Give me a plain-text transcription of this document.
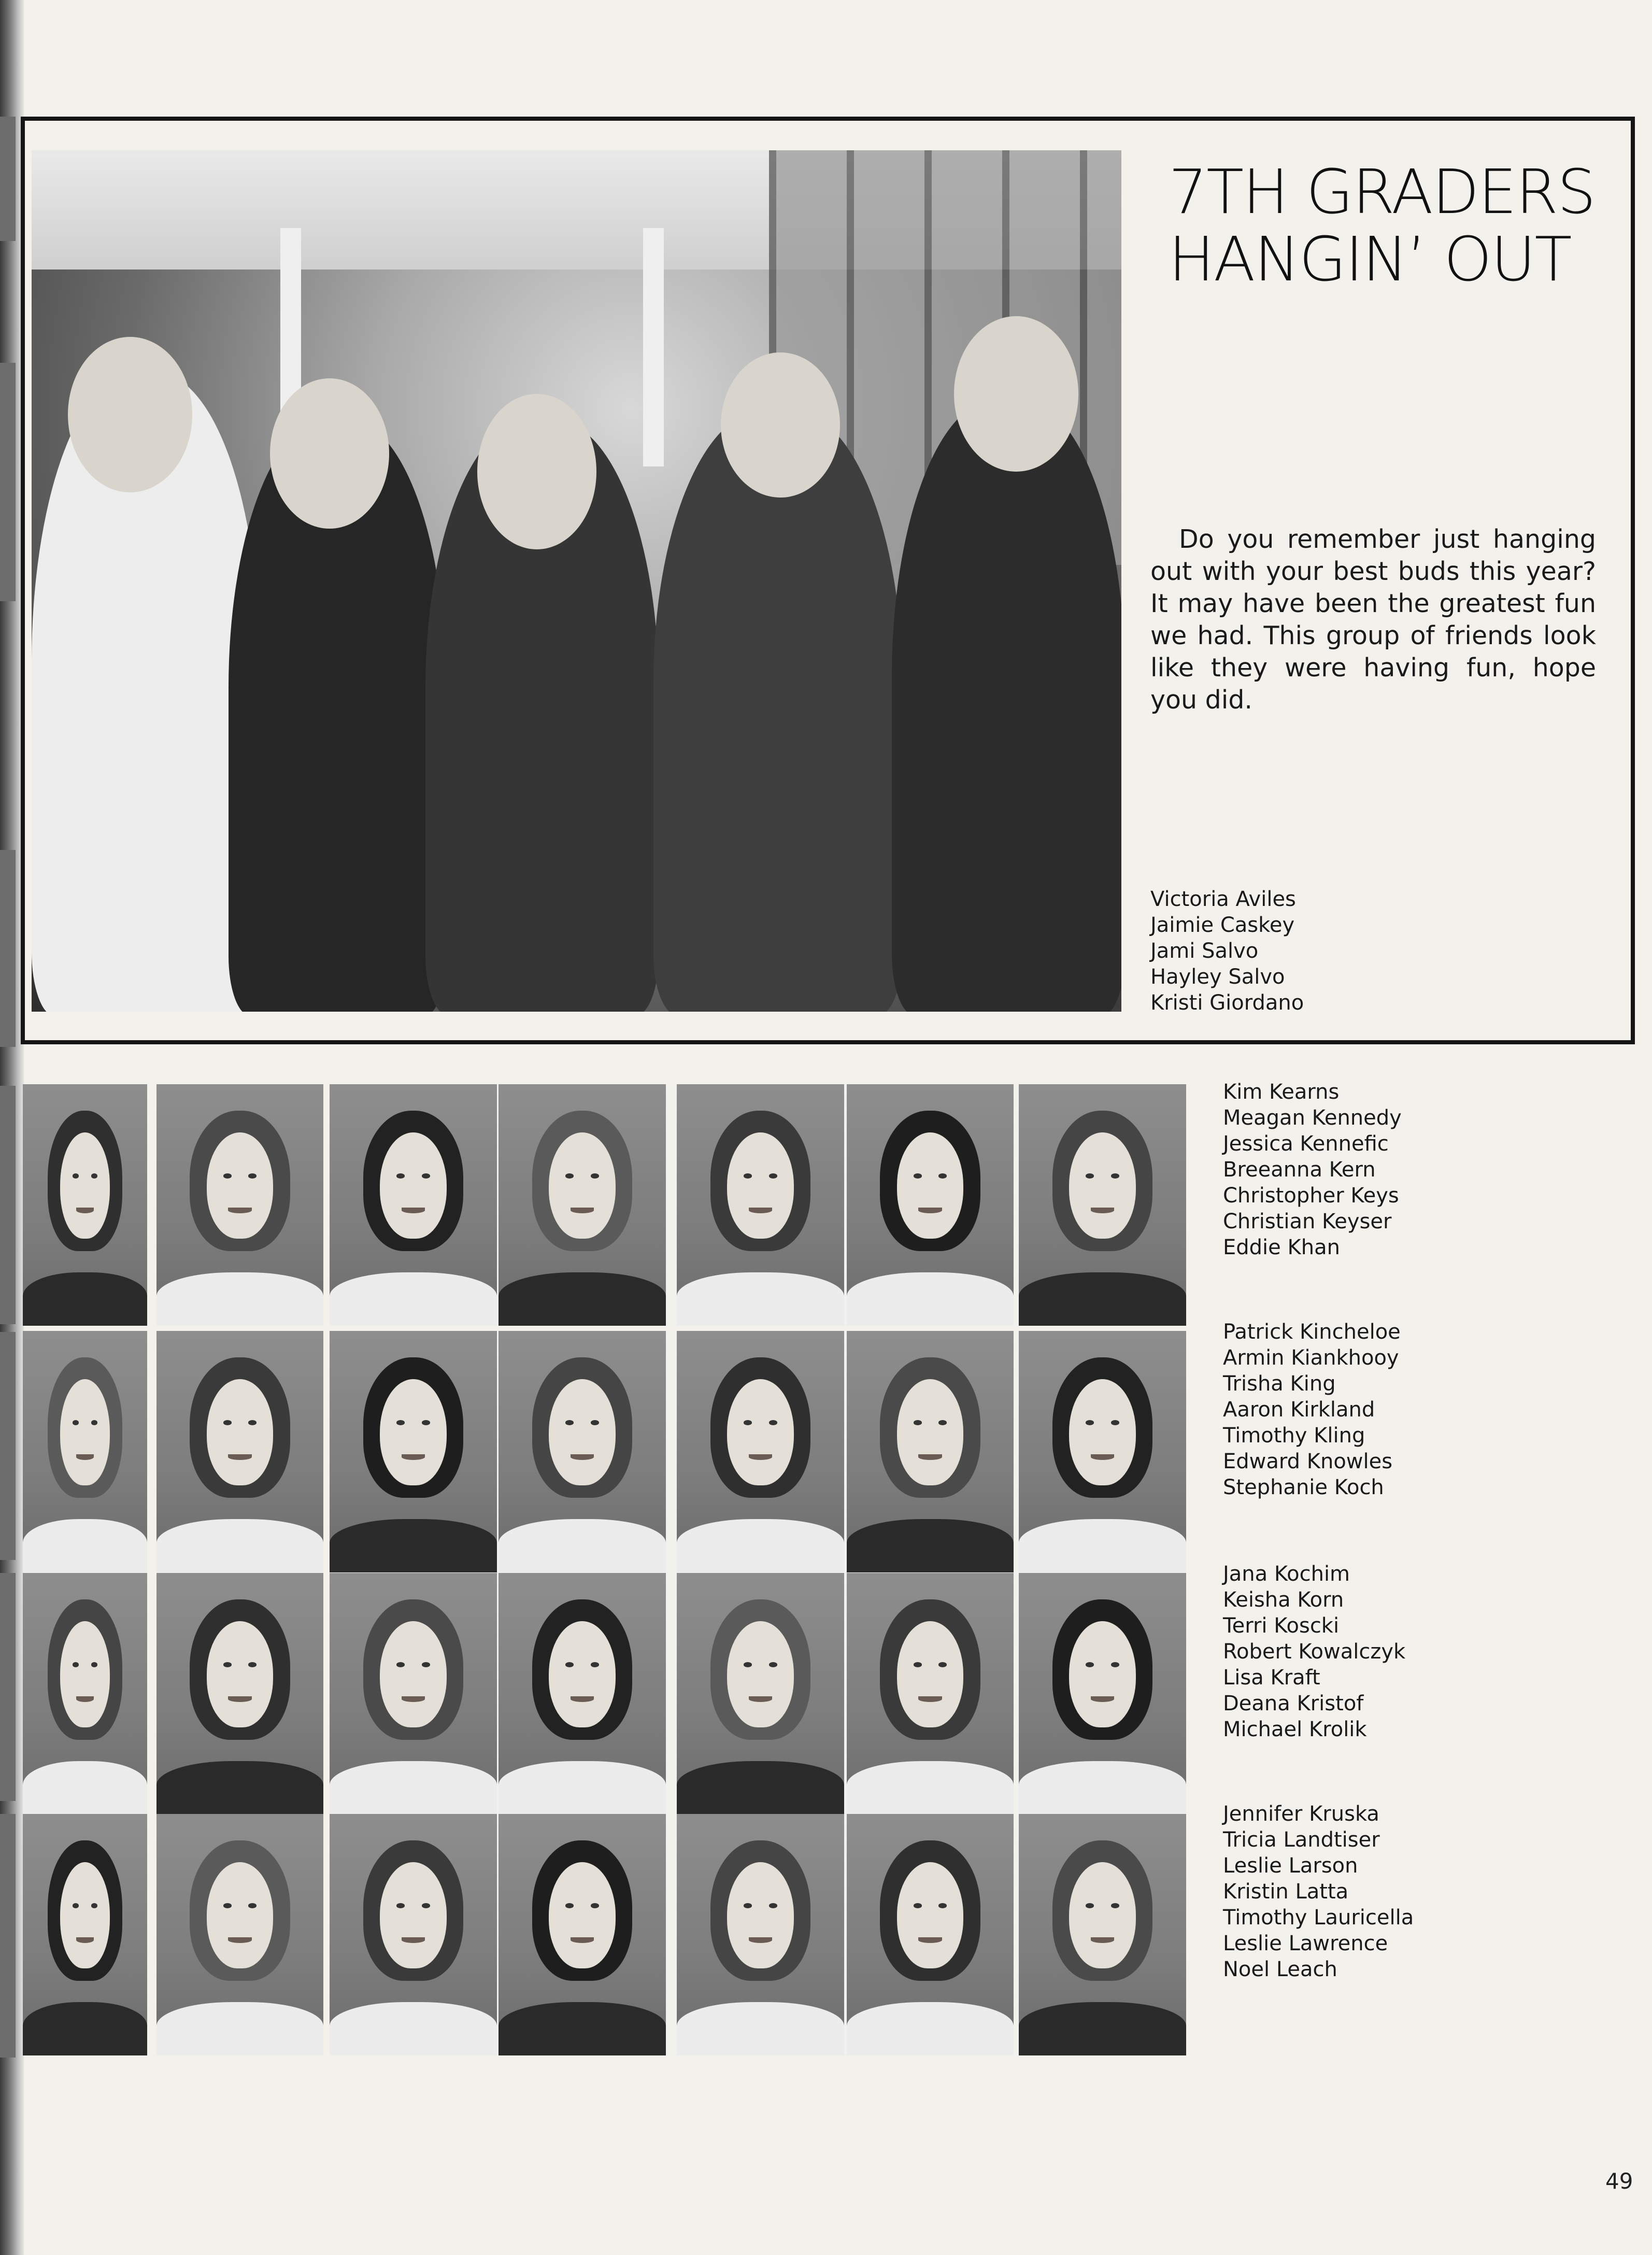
7TH GRADERS
HANGIN’ OUT
Do you remember just hanging out with your best buds this year? It may have been the greatest fun we had. This group of friends look like they were having fun, hope you did.
Victoria Aviles
Jaimie Caskey
Jami Salvo
Hayley Salvo
Kristi Giordano
Kim Kearns
Meagan Kennedy
Jessica Kennefic
Breeanna Kern
Christopher Keys
Christian Keyser
Eddie Khan
Patrick Kincheloe
Armin Kiankhooy
Trisha King
Aaron Kirkland
Timothy Kling
Edward Knowles
Stephanie Koch
Jana Kochim
Keisha Korn
Terri Koscki
Robert Kowalczyk
Lisa Kraft
Deana Kristof
Michael Krolik
Jennifer Kruska
Tricia Landtiser
Leslie Larson
Kristin Latta
Timothy Lauricella
Leslie Lawrence
Noel Leach
49
